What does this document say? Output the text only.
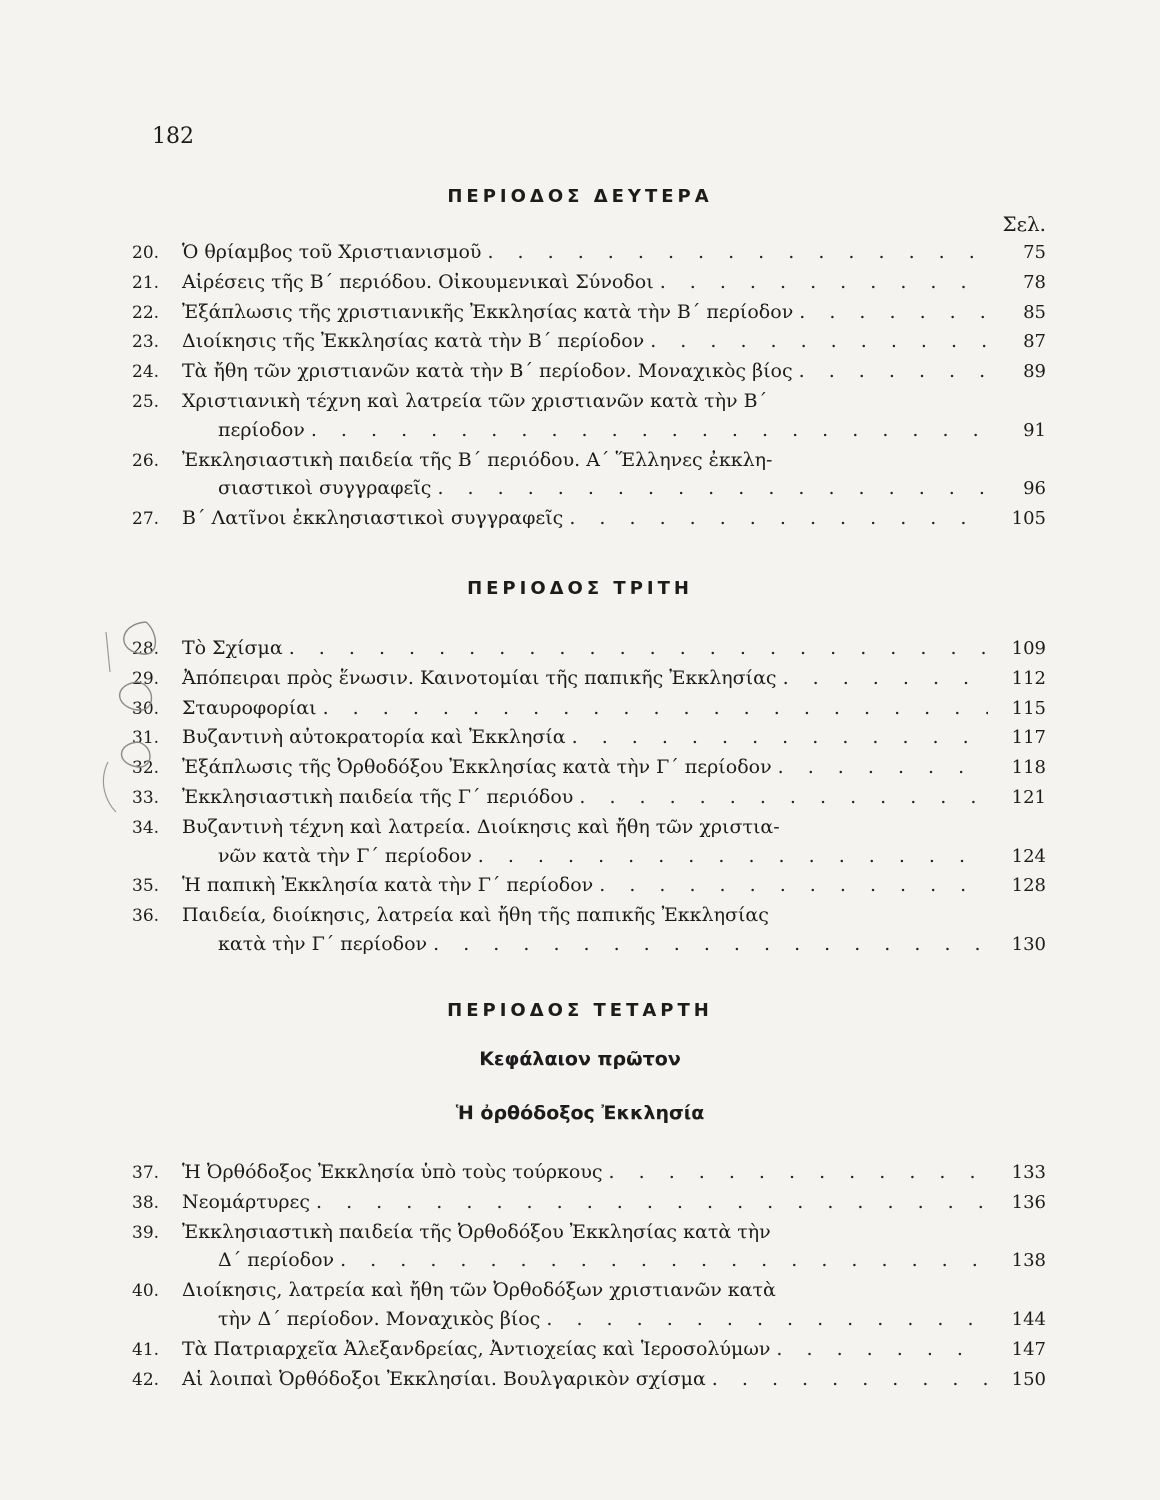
182
ΠΕΡΙΟΔΟΣ ΔΕΥΤΕΡΑ
Σελ.
20.	Ὁ θρίαμβος τοῦ Χριστιανισμοῦ . . .	75
21.	Αἱρέσεις τῆς Β΄ περιόδου. Οἰκουμενικαὶ Σύνοδοι . . .	78
22.	Ἐξάπλωσις τῆς χριστιανικῆς Ἐκκλησίας κατὰ τὴν Β΄ περίοδον . . .	85
23.	Διοίκησις τῆς Ἐκκλησίας κατὰ τὴν Β΄ περίοδον . . .	87
24.	Τὰ ἤθη τῶν χριστιανῶν κατὰ τὴν Β΄ περίοδον. Μοναχικὸς βίος . . .	89
25.	Χριστιανικὴ τέχνη καὶ λατρεία τῶν χριστιανῶν κατὰ τὴν Β΄
περίοδον . . .	91
26.	Ἐκκλησιαστικὴ παιδεία τῆς Β΄ περιόδου. Α΄ Ἕλληνες ἐκκλη-
σιαστικοὶ συγγραφεῖς . . .	96
27.	Β΄ Λατῖνοι ἐκκλησιαστικοὶ συγγραφεῖς . . .	105
ΠΕΡΙΟΔΟΣ ΤΡΙΤΗ
28.	Τὸ Σχίσμα . . .	109
29.	Ἀπόπειραι πρὸς ἕνωσιν. Καινοτομίαι τῆς παπικῆς Ἐκκλησίας . . .	112
30.	Σταυροφορίαι . . .	115
31.	Βυζαντινὴ αὐτοκρατορία καὶ Ἐκκλησία . . .	117
32.	Ἐξάπλωσις τῆς Ὀρθοδόξου Ἐκκλησίας κατὰ τὴν Γ΄ περίοδον . . .	118
33.	Ἐκκλησιαστικὴ παιδεία τῆς Γ΄ περιόδου . . .	121
34.	Βυζαντινὴ τέχνη καὶ λατρεία. Διοίκησις καὶ ἤθη τῶν χριστια-
νῶν κατὰ τὴν Γ΄ περίοδον . . .	124
35.	Ἡ παπικὴ Ἐκκλησία κατὰ τὴν Γ΄ περίοδον . . .	128
36.	Παιδεία, διοίκησις, λατρεία καὶ ἤθη τῆς παπικῆς Ἐκκλησίας
κατὰ τὴν Γ΄ περίοδον . . .	130
ΠΕΡΙΟΔΟΣ ΤΕΤΑΡΤΗ
Κεφάλαιον πρῶτον
Ἡ ὀρθόδοξος Ἐκκλησία
37.	Ἡ Ὀρθόδοξος Ἐκκλησία ὑπὸ τοὺς τούρκους . . .	133
38.	Νεομάρτυρες . . .	136
39.	Ἐκκλησιαστικὴ παιδεία τῆς Ὀρθοδόξου Ἐκκλησίας κατὰ τὴν
Δ΄ περίοδον . . .	138
40.	Διοίκησις, λατρεία καὶ ἤθη τῶν Ὀρθοδόξων χριστιανῶν κατὰ
τὴν Δ΄ περίοδον. Μοναχικὸς βίος . . .	144
41.	Τὰ Πατριαρχεῖα Ἀλεξανδρείας, Ἀντιοχείας καὶ Ἱεροσολύμων . . .	147
42.	Αἱ λοιπαὶ Ὀρθόδοξοι Ἐκκλησίαι. Βουλγαρικὸν σχίσμα . . .	150
